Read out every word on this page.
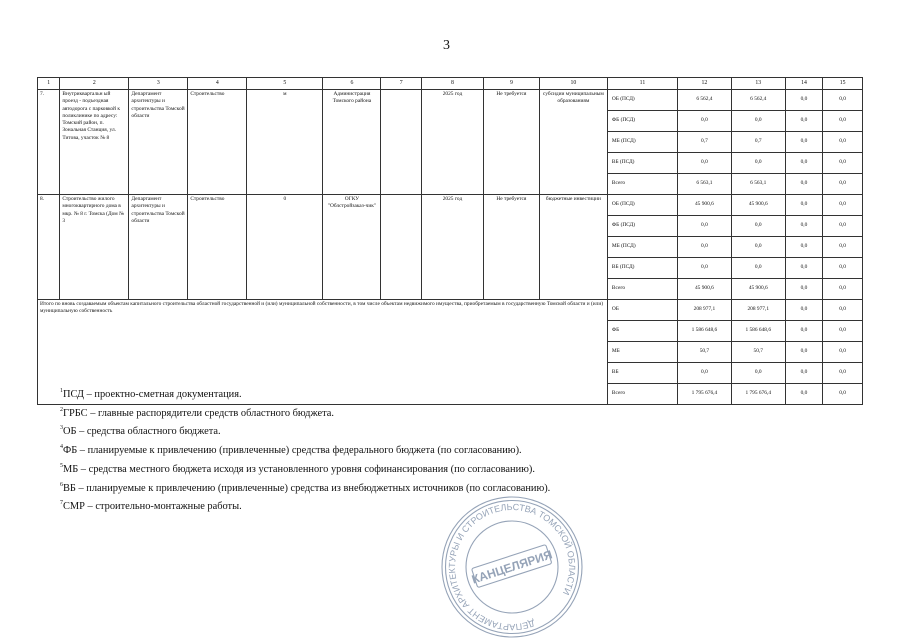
3
1	2	3	4	5	6	7	8	9	10	11	12	13	14	15
7.	Внутриквартальн ый проезд - подъездная автодорога с парковкой к поликлинике по адресу: Томский район, п. Зональная Станция, ул. Титова, участок № 8	Департамент архитектуры и строительства Томской области	Строительство	м	Администрация Томского района		2025 год	Не требуется	субсидии муниципальным образованиям	ОБ (ПСД)	6 562,4	6 562,4	0,0	0,0
										ФБ (ПСД)	0,0	0,0	0,0	0,0
										МБ (ПСД)	0,7	0,7	0,0	0,0
										ВБ (ПСД)	0,0	0,0	0,0	0,0
										Всего	6 563,1	6 563,1	0,0	0,0
8.	Строительство жилого многоквартирного дома в мкр. № 8 г. Томска (Дом № 3	Департамент архитектуры и строительства Томской области	Строительство	0	ОГКУ "Облстройзаказ-чик"		2025 год	Не требуется	бюджетные инвестиции	ОБ (ПСД)	45 900,6	45 900,6	0,0	0,0
										ФБ (ПСД)	0,0	0,0	0,0	0,0
										МБ (ПСД)	0,0	0,0	0,0	0,0
										ВБ (ПСД)	0,0	0,0	0,0	0,0
										Всего	45 900,6	45 900,6	0,0	0,0
Итого по вновь создаваемым объектам капитального строительства областной государственной и (или) муниципальной собственности, в том числе объектам недвижимого имущества, приобретаемым в государственную Томской области и (или) муниципальную собственность										ОБ	208 977,1	208 977,1	0,0	0,0
										ФБ	1 586 648,6	1 586 648,6	0,0	0,0
										МБ	50,7	50,7	0,0	0,0
										ВБ	0,0	0,0	0,0	0,0
										Всего	1 795 676,4	1 795 676,4	0,0	0,0
$^1$ПСД – проектно-сметная документация.
$^2$ГРБС – главные распорядители средств областного бюджета.
$^3$ОБ – средства областного бюджета.
$^4$ФБ – планируемые к привлечению (привлеченные) средства федерального бюджета (по согласованию).
$^5$МБ – средства местного бюджета исходя из установленного уровня софинансирования (по согласованию).
$^6$ВБ – планируемые к привлечению (привлеченные) средства из внебюджетных источников (по согласованию).
$^7$СМР – строительно-монтажные работы.
КАНЦЕЛЯРИЯ
ДЕПАРТАМЕНТ АРХИТЕКТУРЫ И СТРОИТЕЛЬСТВА ТОМСКОЙ ОБЛАСТИ
